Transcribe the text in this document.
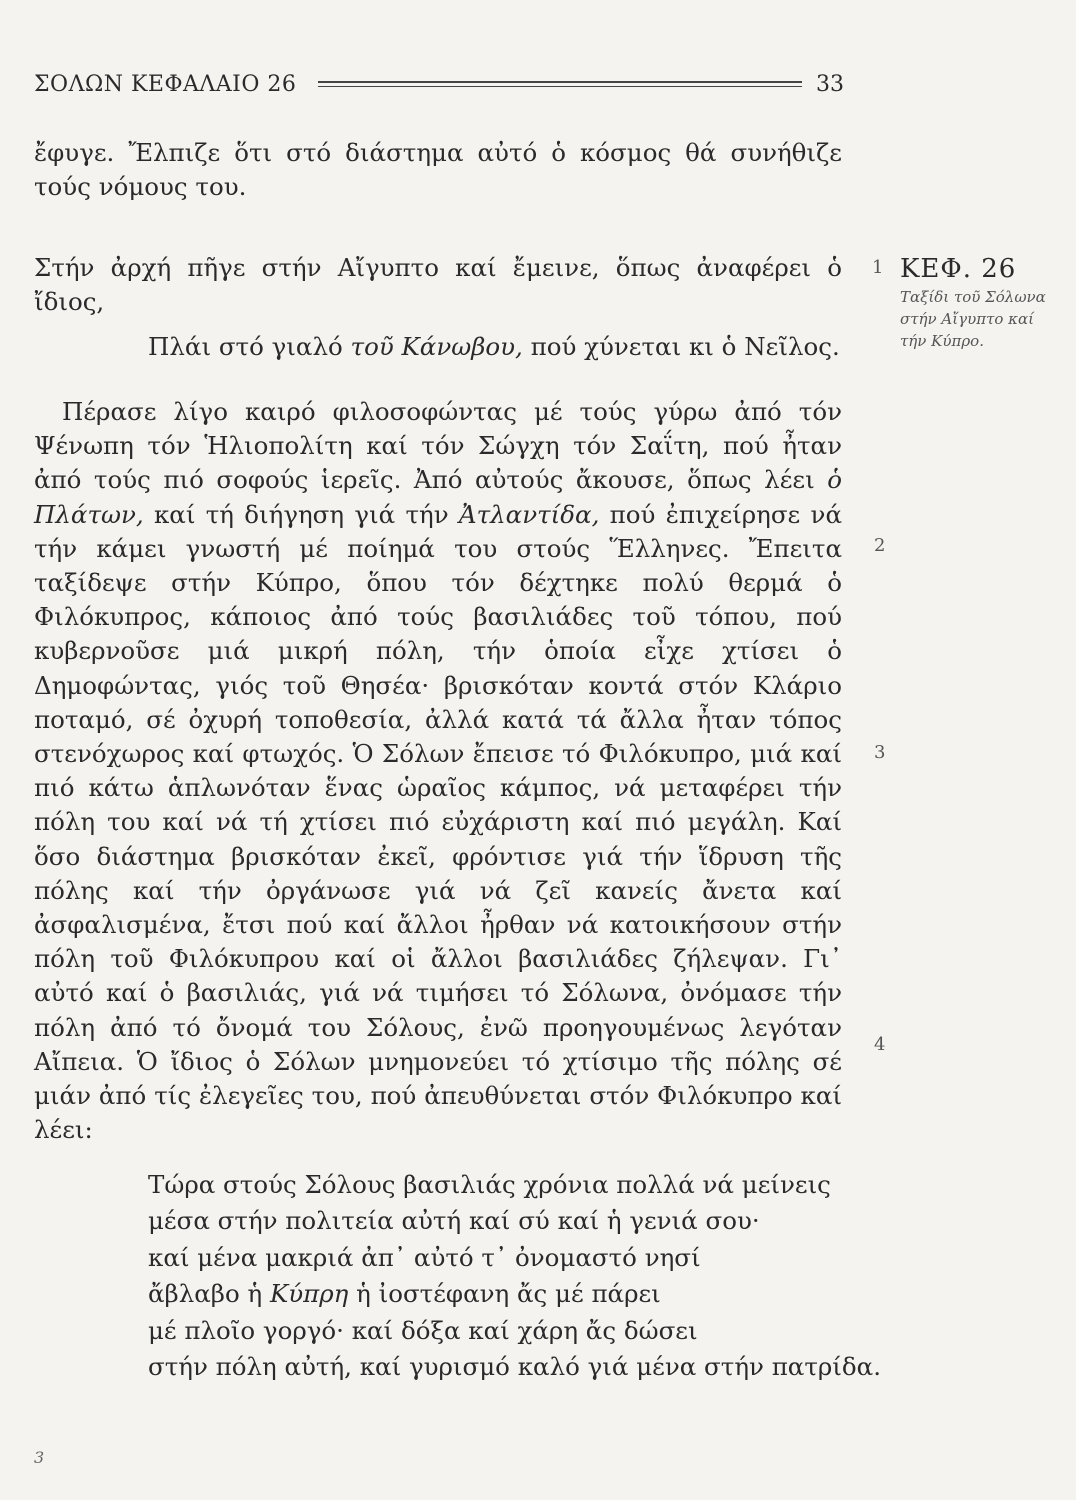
ΣΟΛΩΝ ΚΕΦΑΛΑΙΟ 26	33
ἔφυγε. Ἔλπιζε ὅτι στό διάστημα αὐτό ὁ κόσμος θά συνήθιζε τούς νόμους του.
Στήν ἀρχή πῆγε στήν Αἴγυπτο καί ἔμεινε, ὅπως ἀναφέρει ὁ ἴδιος,
Πλάι στό γιαλό τοῦ Κάνωβου, πού χύνεται κι ὁ Νεῖλος.
Πέρασε λίγο καιρό φιλοσοφώντας μέ τούς γύρω ἀπό τόν Ψένωπη τόν Ἡλιοπολίτη καί τόν Σώγχη τόν Σαΐτη, πού ἦταν ἀπό τούς πιό σοφούς ἱερεῖς. Ἀπό αὐτούς ἄκουσε, ὅπως λέει ὁ Πλάτων, καί τή διήγηση γιά τήν Ἀτλαντίδα, πού ἐπιχείρησε νά τήν κάμει γνωστή μέ ποίημά του στούς Ἕλληνες. Ἔπειτα ταξίδεψε στήν Κύπρο, ὅπου τόν δέχτηκε πολύ θερμά ὁ Φιλόκυπρος, κάποιος ἀπό τούς βασιλιάδες τοῦ τόπου, πού κυβερνοῦσε μιά μικρή πόλη, τήν ὁποία εἶχε χτίσει ὁ Δημοφώντας, γιός τοῦ Θησέα· βρισκόταν κοντά στόν Κλάριο ποταμό, σέ ὀχυρή τοποθεσία, ἀλλά κατά τά ἄλλα ἦταν τόπος στενόχωρος καί φτωχός. Ὁ Σόλων ἔπεισε τό Φιλόκυπρο, μιά καί πιό κάτω ἁπλωνόταν ἕνας ὡραῖος κάμπος, νά μεταφέρει τήν πόλη του καί νά τή χτίσει πιό εὐχάριστη καί πιό μεγάλη. Καί ὅσο διάστημα βρισκόταν ἐκεῖ, φρόντισε γιά τήν ἵδρυση τῆς πόλης καί τήν ὀργάνωσε γιά νά ζεῖ κανείς ἄνετα καί ἀσφαλισμένα, ἔτσι πού καί ἄλλοι ἦρθαν νά κατοικήσουν στήν πόλη τοῦ Φιλόκυπρου καί οἱ ἄλλοι βασιλιάδες ζήλεψαν. Γι᾽ αὐτό καί ὁ βασιλιάς, γιά νά τιμήσει τό Σόλωνα, ὀνόμασε τήν πόλη ἀπό τό ὄνομά του Σόλους, ἐνῶ προηγουμένως λεγόταν Αἴπεια. Ὁ ἴδιος ὁ Σόλων μνημονεύει τό χτίσιμο τῆς πόλης σέ μιάν ἀπό τίς ἐλεγεῖες του, πού ἀπευθύνεται στόν Φιλόκυπρο καί λέει:
Τώρα στούς Σόλους βασιλιάς χρόνια πολλά νά μείνεις
μέσα στήν πολιτεία αὐτή καί σύ καί ἡ γενιά σου·
καί μένα μακριά ἀπ᾽ αὐτό τ᾽ ὀνομαστό νησί
ἄβλαβο ἡ Κύπρη ἡ ἰοστέφανη ἄς μέ πάρει
μέ πλοῖο γοργό· καί δόξα καί χάρη ἄς δώσει
στήν πόλη αὐτή, καί γυρισμό καλό γιά μένα στήν πατρίδα.
1
2
3
4
ΚΕΦ. 26
Ταξίδι τοῦ Σόλωνα στήν Αἴγυπτο καί τήν Κύπρο.
3
